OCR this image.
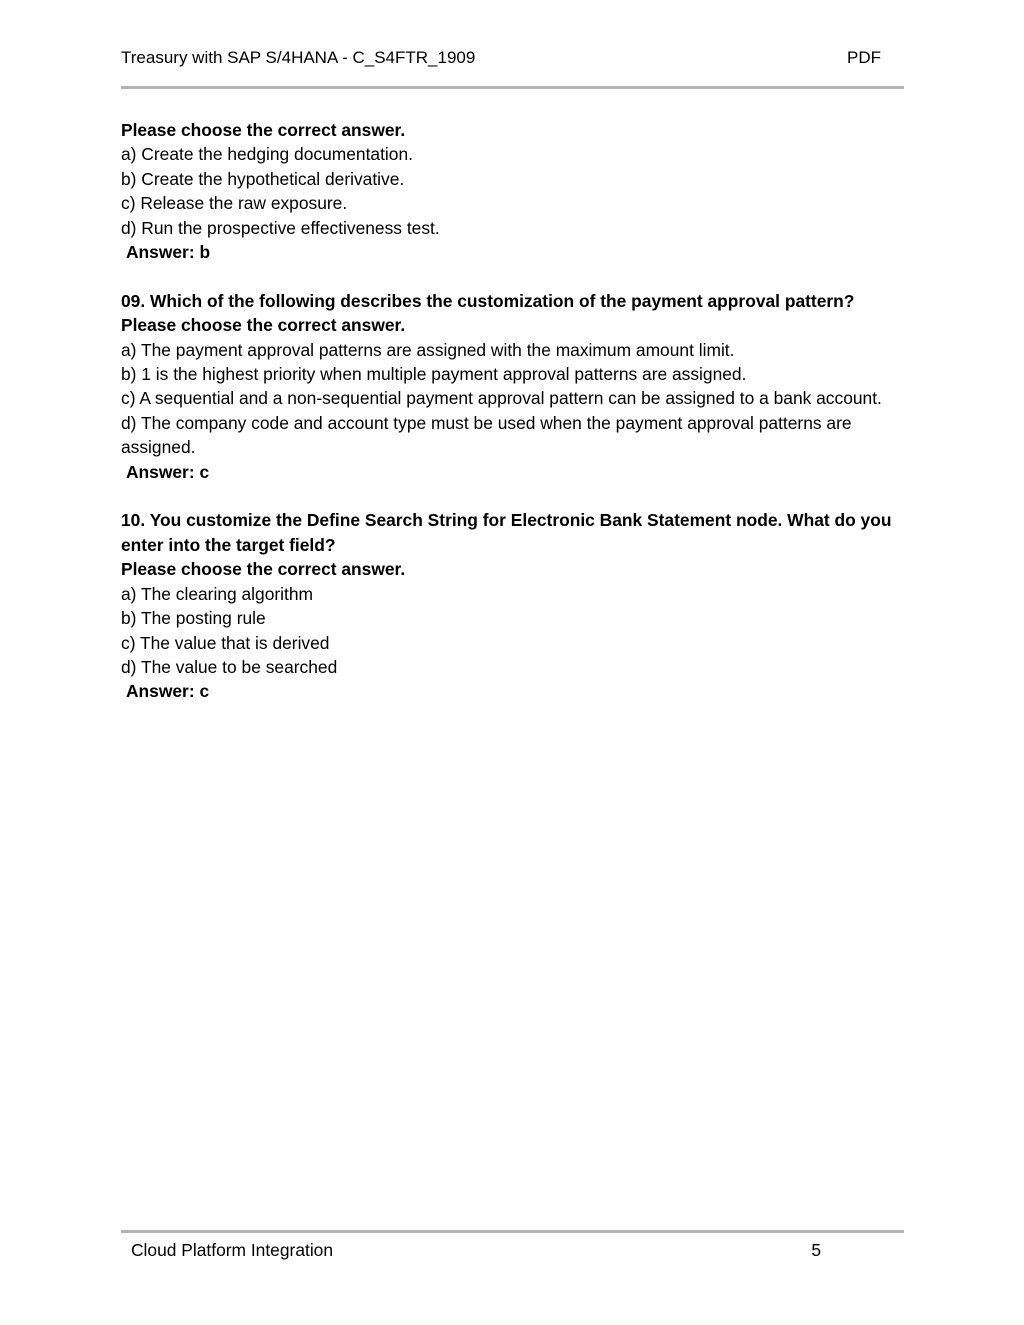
Treasury with SAP S/4HANA - C_S4FTR_1909	PDF

Please choose the correct answer.

a) Create the hedging documentation.

b) Create the hypothetical derivative.

c) Release the raw exposure.

d) Run the prospective effectiveness test.

Answer: b

09. Which of the following describes the customization of the payment approval pattern?

Please choose the correct answer.

a) The payment approval patterns are assigned with the maximum amount limit.

b) 1 is the highest priority when multiple payment approval patterns are assigned.

c) A sequential and a non-sequential payment approval pattern can be assigned to a bank account.

d) The company code and account type must be used when the payment approval patterns are assigned.

Answer: c

10. You customize the Define Search String for Electronic Bank Statement node. What do you enter into the target field?

Please choose the correct answer.

a) The clearing algorithm

b) The posting rule

c) The value that is derived

d) The value to be searched

Answer: c

Cloud Platform Integration	5
